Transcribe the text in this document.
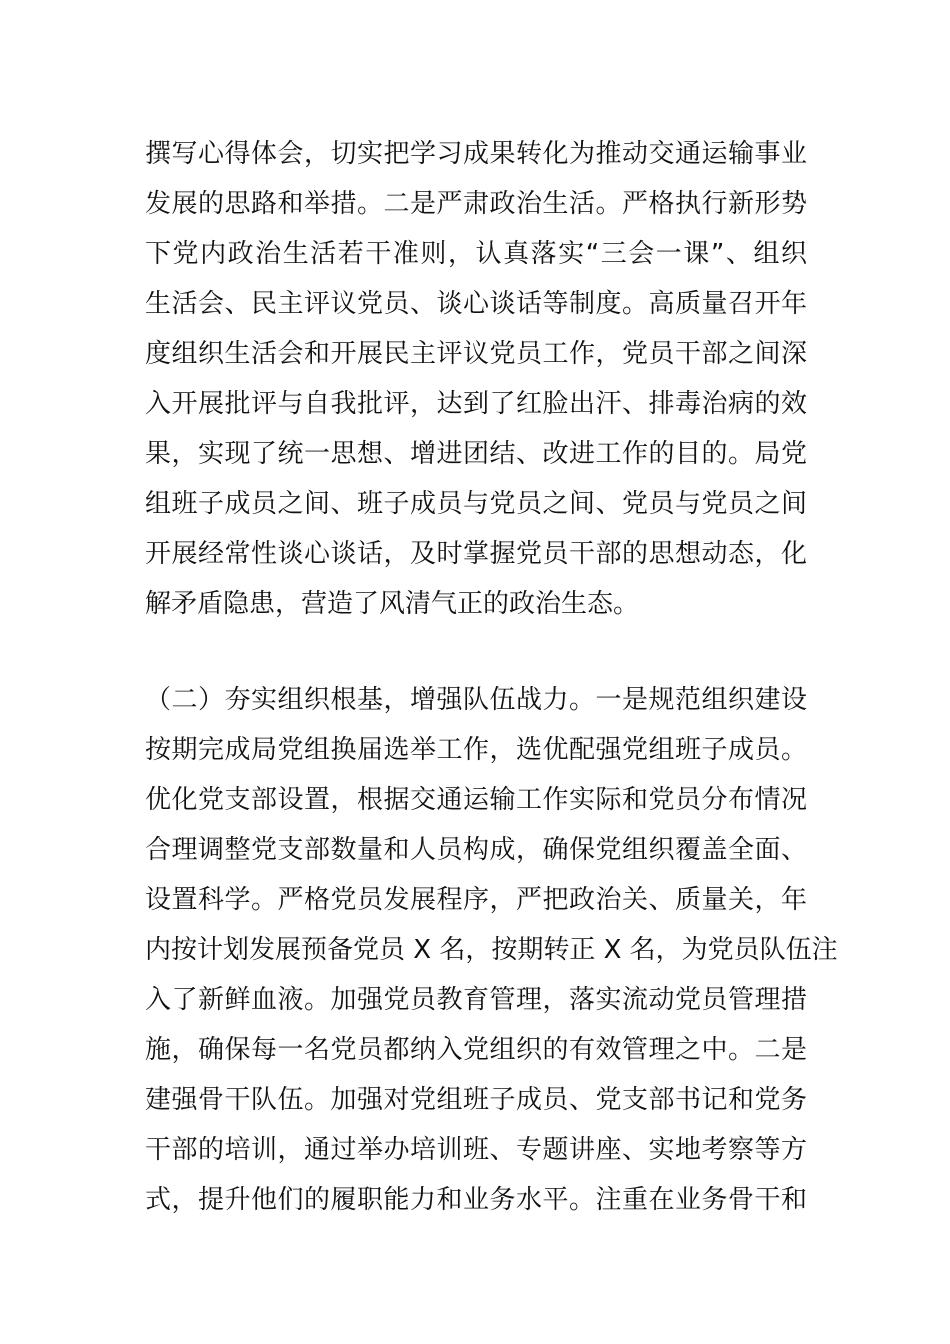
撰写心得体会，切实把学习成果转化为推动交通运输事业
发展的思路和举措。二是严肃政治生活。严格执行新形势
下党内政治生活若干准则，认真落实“三会一课”、组织
生活会、民主评议党员、谈心谈话等制度。高质量召开年
度组织生活会和开展民主评议党员工作，党员干部之间深
入开展批评与自我批评，达到了红脸出汗、排毒治病的效
果，实现了统一思想、增进团结、改进工作的目的。局党
组班子成员之间、班子成员与党员之间、党员与党员之间
开展经常性谈心谈话，及时掌握党员干部的思想动态，化
解矛盾隐患，营造了风清气正的政治生态。
（二）夯实组织根基，增强队伍战力。一是规范组织建设
按期完成局党组换届选举工作，选优配强党组班子成员。
优化党支部设置，根据交通运输工作实际和党员分布情况
合理调整党支部数量和人员构成，确保党组织覆盖全面、
设置科学。严格党员发展程序，严把政治关、质量关，年
内按计划发展预备党员 X 名，按期转正 X 名，为党员队伍注
入了新鲜血液。加强党员教育管理，落实流动党员管理措
施，确保每一名党员都纳入党组织的有效管理之中。二是
建强骨干队伍。加强对党组班子成员、党支部书记和党务
干部的培训，通过举办培训班、专题讲座、实地考察等方
式，提升他们的履职能力和业务水平。注重在业务骨干和
